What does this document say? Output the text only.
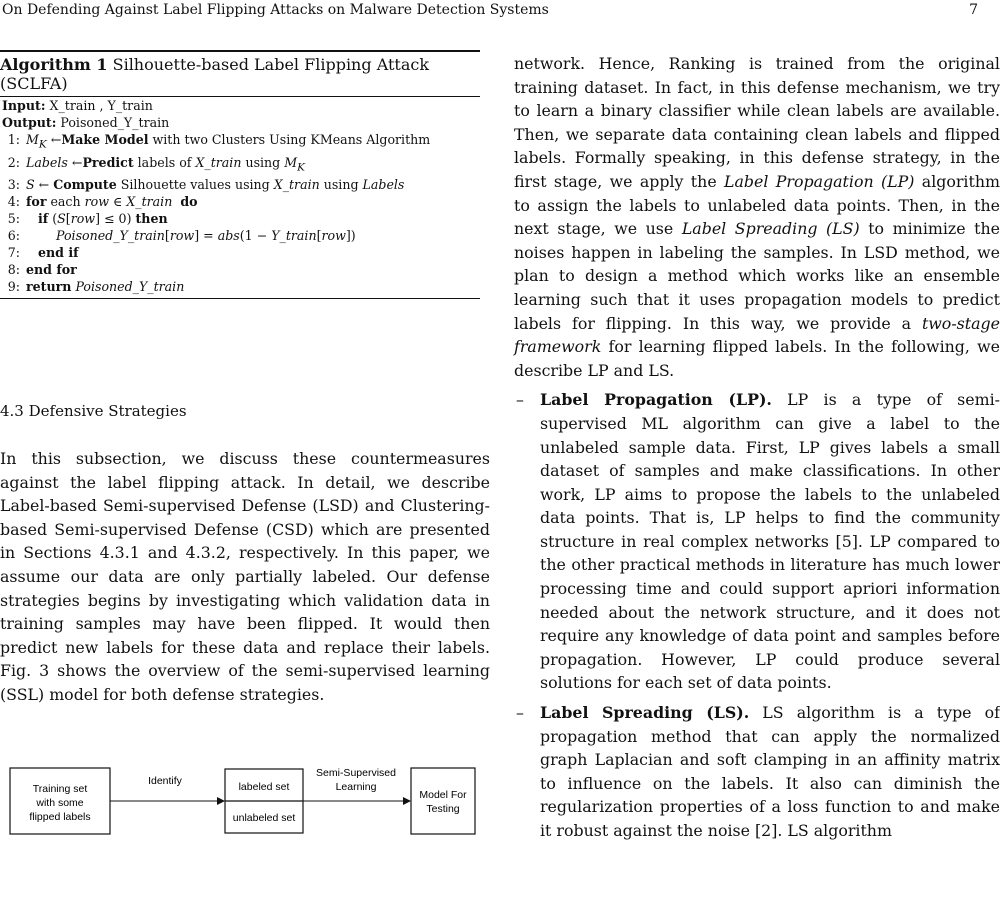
On Defending Against Label Flipping Attacks on Malware Detection Systems	7
Algorithm 1 Silhouette-based Label Flipping Attack (SCLFA)
Input: X_train , Y_train
Output: Poisoned_Y_train
1: $M_K$ ←Make Model with two Clusters Using KMeans Algorithm
2: Labels ←Predict labels of X_train using $M_K$
3: S ← Compute Silhouette values using X_train using Labels
4: for each row ∈ X_train do
5:	if (S[row] ≤ 0) then
6:	Poisoned_Y_train[row] = abs(1 − Y_train[row])
7:	end if
8: end for
9: return Poisoned_Y_train
4.3 Defensive Strategies

In this subsection, we discuss these countermeasures against the label flipping attack. In detail, we describe Label-based Semi-supervised Defense (LSD) and Clustering-based Semi-supervised Defense (CSD) which are presented in Sections 4.3.1 and 4.3.2, respectively. In this paper, we assume our data are only partially labeled. Our defense strategies begins by investigating which validation data in training samples may have been flipped. It would then predict new labels for these data and replace their labels. Fig. 3 shows the overview of the semi-supervised learning (SSL) model for both defense strategies.

Training set
with some
flipped labels
Identify	labeled set
unlabeled set
Semi-Supervised
Learning
Model For
Testing

network. Hence, Ranking is trained from the original training dataset. In fact, in this defense mechanism, we try to learn a binary classifier while clean labels are available. Then, we separate data containing clean labels and flipped labels. Formally speaking, in this defense strategy, in the first stage, we apply the Label Propagation (LP) algorithm to assign the labels to unlabeled data points. Then, in the next stage, we use Label Spreading (LS) to minimize the noises happen in labeling the samples. In LSD method, we plan to design a method which works like an ensemble learning such that it uses propagation models to predict labels for flipping. In this way, we provide a two-stage framework for learning flipped labels. In the following, we describe LP and LS.

– Label Propagation (LP). LP is a type of semi-supervised ML algorithm can give a label to the unlabeled sample data. First, LP gives labels a small dataset of samples and make classifications. In other work, LP aims to propose the labels to the unlabeled data points. That is, LP helps to find the community structure in real complex networks [5]. LP compared to the other practical methods in literature has much lower processing time and could support apriori information needed about the network structure, and it does not require any knowledge of data point and samples before propagation. However, LP could produce several solutions for each set of data points.

– Label Spreading (LS). LS algorithm is a type of propagation method that can apply the normalized graph Laplacian and soft clamping in an affinity matrix to influence on the labels. It also can diminish the regularization properties of a loss function to and make it robust against the noise [2]. LS algorithm
